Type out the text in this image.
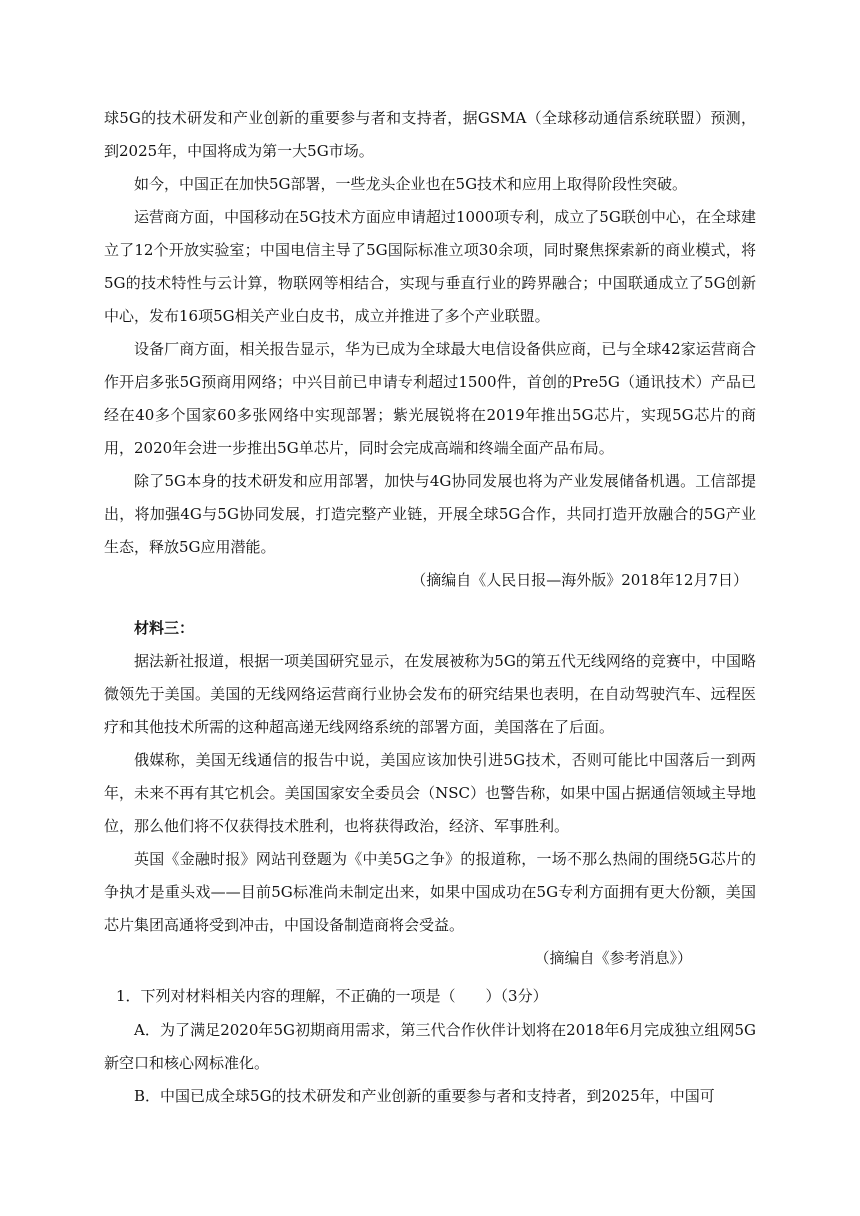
球5G的技术研发和产业创新的重要参与者和支持者，据GSMA（全球移动通信系统联盟）预测，到2025年，中国将成为第一大5G市场。

如今，中国正在加快5G部署，一些龙头企业也在5G技术和应用上取得阶段性突破。

运营商方面，中国移动在5G技术方面应申请超过1000项专利，成立了5G联创中心，在全球建立了12个开放实验室；中国电信主导了5G国际标准立项30余项，同时聚焦探索新的商业模式，将5G的技术特性与云计算，物联网等相结合，实现与垂直行业的跨界融合；中国联通成立了5G创新中心，发布16项5G相关产业白皮书，成立并推进了多个产业联盟。

设备厂商方面，相关报告显示，华为已成为全球最大电信设备供应商，已与全球42家运营商合作开启多张5G预商用网络；中兴目前已申请专利超过1500件，首创的Pre5G（通讯技术）产品已经在40多个国家60多张网络中实现部署；紫光展锐将在2019年推出5G芯片，实现5G芯片的商用，2020年会进一步推出5G单芯片，同时会完成高端和终端全面产品布局。

除了5G本身的技术研发和应用部署，加快与4G协同发展也将为产业发展储备机遇。工信部提出，将加强4G与5G协同发展，打造完整产业链，开展全球5G合作，共同打造开放融合的5G产业生态，释放5G应用潜能。

（摘编自《人民日报—海外版》2018年12月7日）

材料三：

据法新社报道，根据一项美国研究显示，在发展被称为5G的第五代无线网络的竞赛中，中国略微领先于美国。美国的无线网络运营商行业协会发布的研究结果也表明，在自动驾驶汽车、远程医疗和其他技术所需的这种超高递无线网络系统的部署方面，美国落在了后面。

俄媒称，美国无线通信的报告中说，美国应该加快引进5G技术，否则可能比中国落后一到两年，未来不再有其它机会。美国国家安全委员会（NSC）也警告称，如果中国占据通信领域主导地位，那么他们将不仅获得技术胜利，也将获得政治，经济、军事胜利。

英国《金融时报》网站刊登题为《中美5G之争》的报道称，一场不那么热闹的围绕5G芯片的争执才是重头戏——目前5G标准尚未制定出来，如果中国成功在5G专利方面拥有更大份额，美国芯片集团高通将受到冲击，中国设备制造商将会受益。

（摘编自《参考消息》）

1．下列对材料相关内容的理解，不正确的一项是（　　）（3分）

A．为了满足2020年5G初期商用需求，第三代合作伙伴计划将在2018年6月完成独立组网5G新空口和核心网标准化。

B．中国已成全球5G的技术研发和产业创新的重要参与者和支持者，到2025年，中国可
